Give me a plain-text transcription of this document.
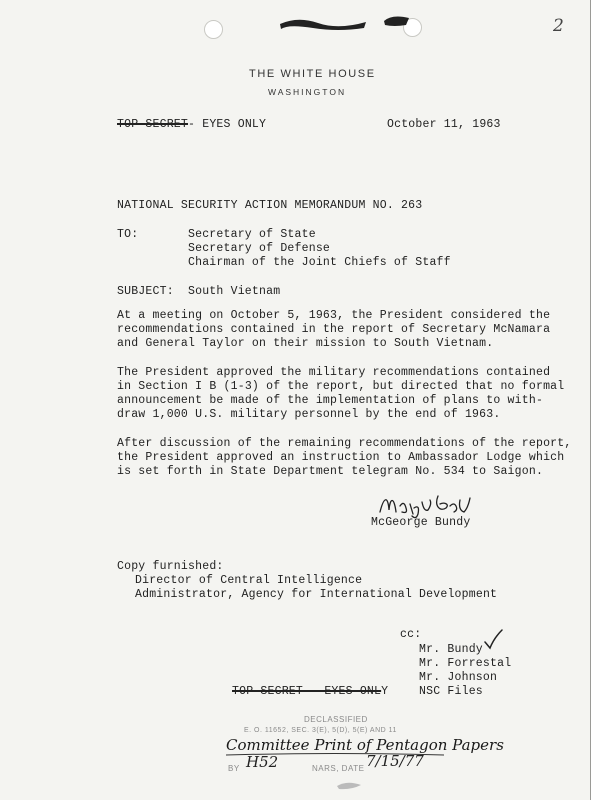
2
THE WHITE HOUSE
WASHINGTON
TOP SECRET- EYES ONLY	October 11, 1963
NATIONAL SECURITY ACTION MEMORANDUM NO. 263
TO:	Secretary of State
Secretary of Defense
Chairman of the Joint Chiefs of Staff
SUBJECT: South Vietnam
At a meeting on October 5, 1963, the President considered the
recommendations contained in the report of Secretary McNamara
and General Taylor on their mission to South Vietnam.
The President approved the military recommendations contained
in Section I B (1-3) of the report, but directed that no formal
announcement be made of the implementation of plans to with-
draw 1,000 U.S. military personnel by the end of 1963.
After discussion of the remaining recommendations of the report,
the President approved an instruction to Ambassador Lodge which
is set forth in State Department telegram No. 534 to Saigon.
McGeorge Bundy
Copy furnished:
Director of Central Intelligence
Administrator, Agency for International Development
cc:
Mr. Bundy
Mr. Forrestal
Mr. Johnson
TOP SECRET - EYES ONLY	NSC Files
DECLASSIFIED
E. O. 11652, SEC. 3(E), 5(D), 5(E) AND 11
Committee Print of Pentagon Papers
BY H52	NARS, DATE 7/15/77
